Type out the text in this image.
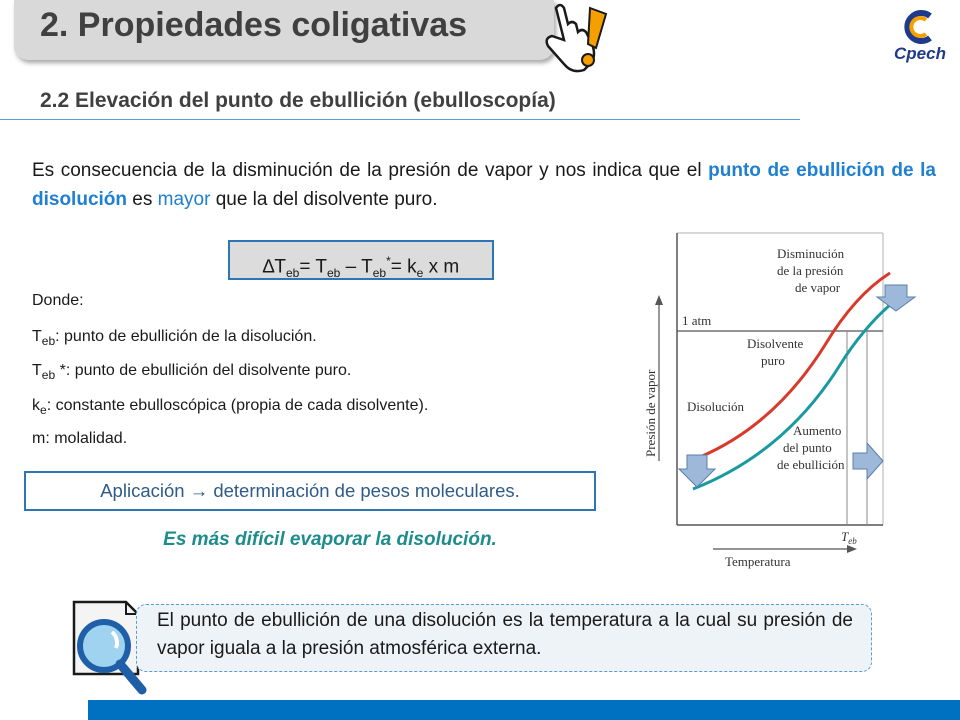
2. Propiedades coligativas
Cpech
2.2 Elevación del punto de ebullición (ebulloscopía)
Es consecuencia de la disminución de la presión de vapor y nos indica que el punto de ebullición de la disolución es mayor que la del disolvente puro.
$\Delta T_{eb}= T_{eb} - T_{eb}^*= k_e$ x m
Donde:
$T_{eb}$: punto de ebullición de la disolución.
$T_{eb}$ *: punto de ebullición del disolvente puro.
$k_e$: constante ebulloscópica (propia de cada disolvente).
m: molalidad.
Aplicación → determinación de pesos moleculares.
Es más difícil evaporar la disolución.
1 atm
Disminución
de la presión
de vapor
Disolvente
puro
Disolución
Aumento
del punto
de ebullición
$T_{eb}$
Temperatura
Presión de vapor
El punto de ebullición de una disolución es la temperatura a la cual su presión de vapor iguala a la presión atmosférica externa.
